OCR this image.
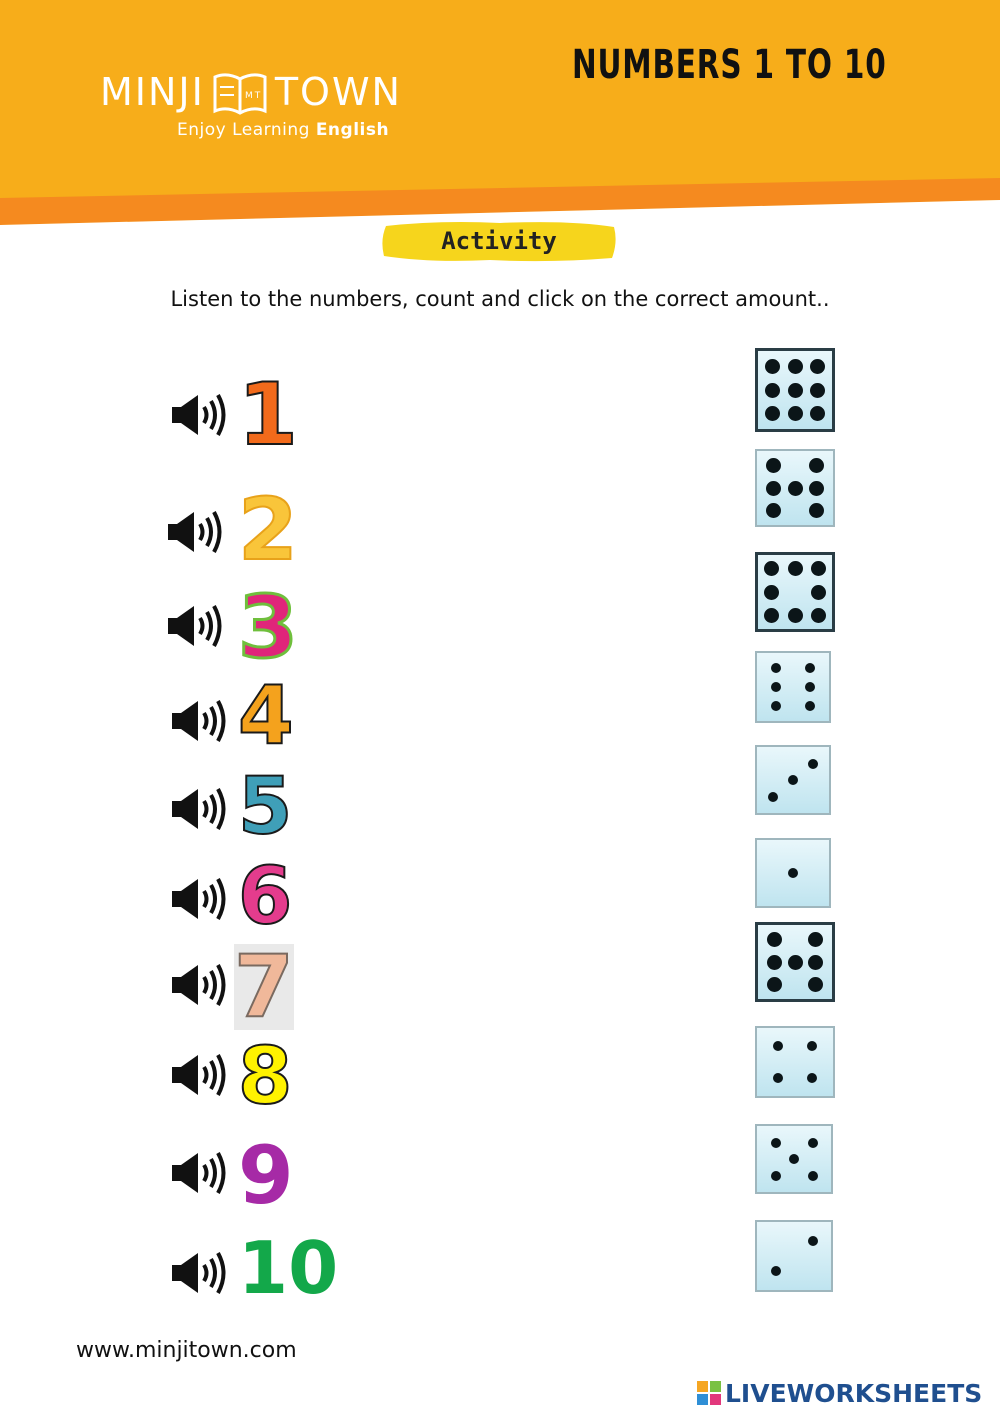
MINJI	MT TOWN
Enjoy Learning English
NUMBERS 1 TO 10
Activity
Listen to the numbers, count and click on the correct amount..
1
2
3
4
5
6
7
8
9
10
www.minjitown.com
LIVEWORKSHEETS
